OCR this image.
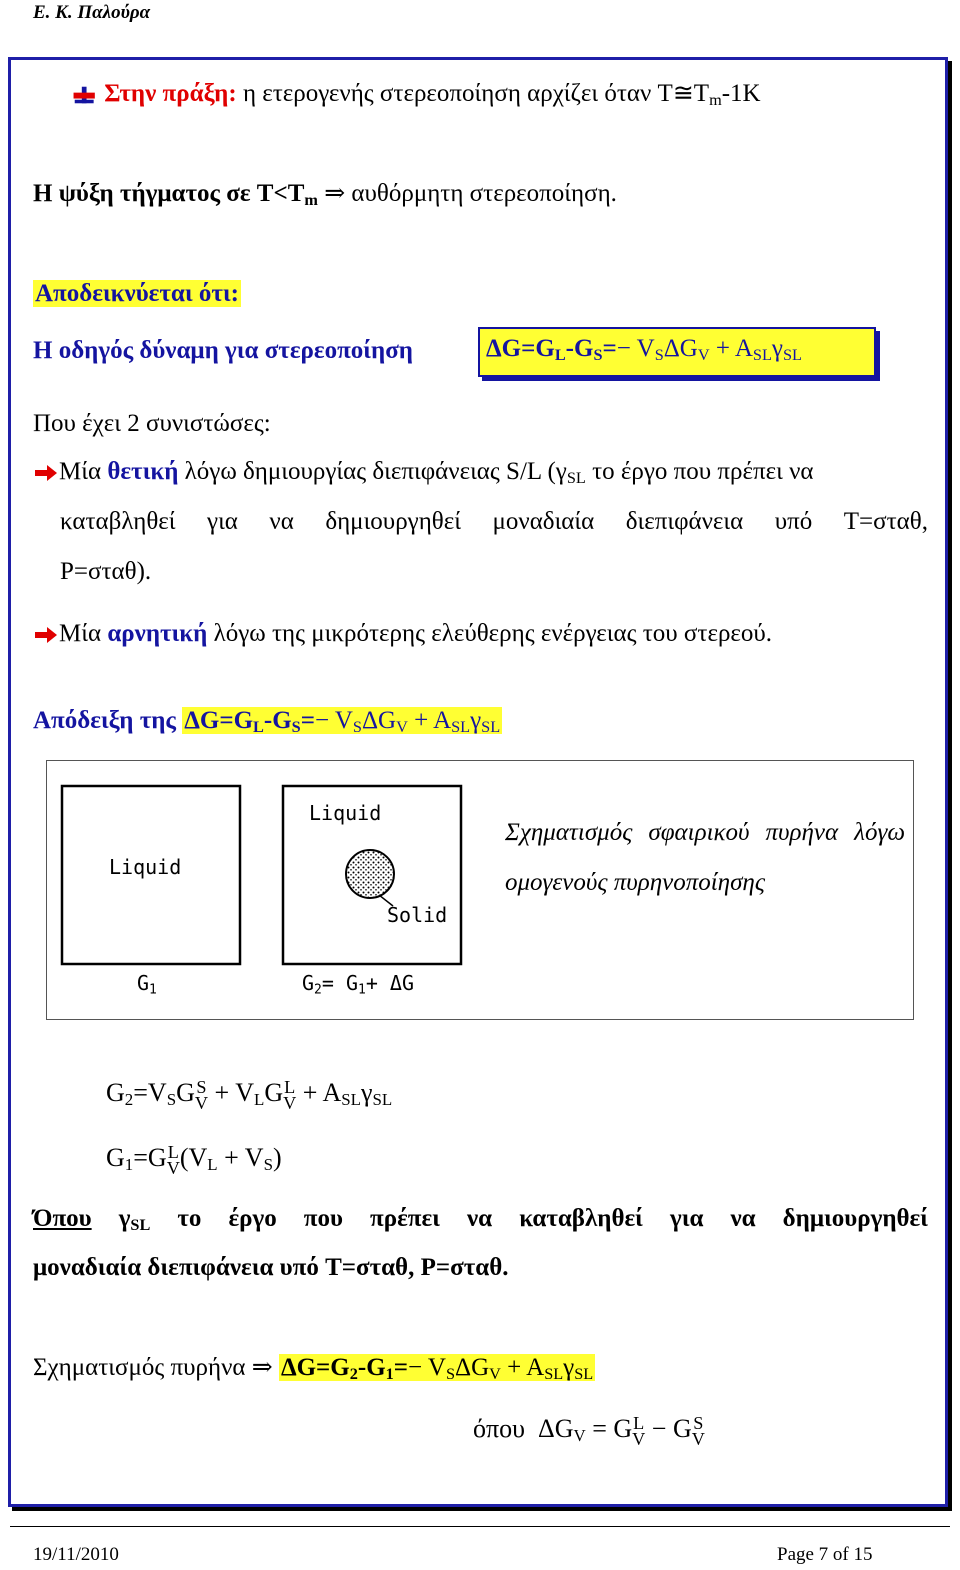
Ε. Κ. Παλούρα
Στην πράξη: η ετερογενής στερεοποίηση αρχίζει όταν $T≅T_m-1K$
Η ψύξη τήγματος σε $T<T_m$ ⇒ αυθόρμητη στερεοποίηση.
Αποδεικνύεται ότι:
Η οδηγός δύναμη για στερεοποίηση	$\Delta G=G_L-G_S=- V_S\Delta G_V + A_{SL}\gamma_{SL}$
Που έχει 2 συνιστώσες:
Μία θετική λόγω δημιουργίας διεπιφάνειας S/L ($\gamma_{SL}$ το έργο που πρέπει να
καταβληθεί για να δημιουργηθεί μοναδιαία διεπιφάνεια υπό T=σταθ,
P=σταθ).
Μία αρνητική λόγω της μικρότερης ελεύθερης ενέργειας του στερεού.
Απόδειξη της $\Delta G=G_L-G_S=- V_S\Delta G_V + A_{SL}\gamma_{SL}$
Liquid
$G_1$
Liquid
Solid
$G_2= G_1+ \Delta G$
Σχηματισμός σφαιρικού πυρήνα λόγω ομογενούς πυρηνοποίησης
$G_2=V_SG$ S
$V + V_LG$ L
$V + A_{SL}\gamma_{SL}$
$G_1=G$ L
V $(V_L + V_S)$
Όπου $\gamma_{SL}$ το έργο που πρέπει να καταβληθεί για να δημιουργηθεί
μοναδιαία διεπιφάνεια υπό T=σταθ, P=σταθ.
Σχηματισμός πυρήνα ⇒ $\Delta G=G_2-G_1=- V_S\Delta G_V + A_{SL}\gamma_{SL}$
όπου $\Delta G_V = G$ L
V − G S
V
19/11/2010	Page 7 of 15
